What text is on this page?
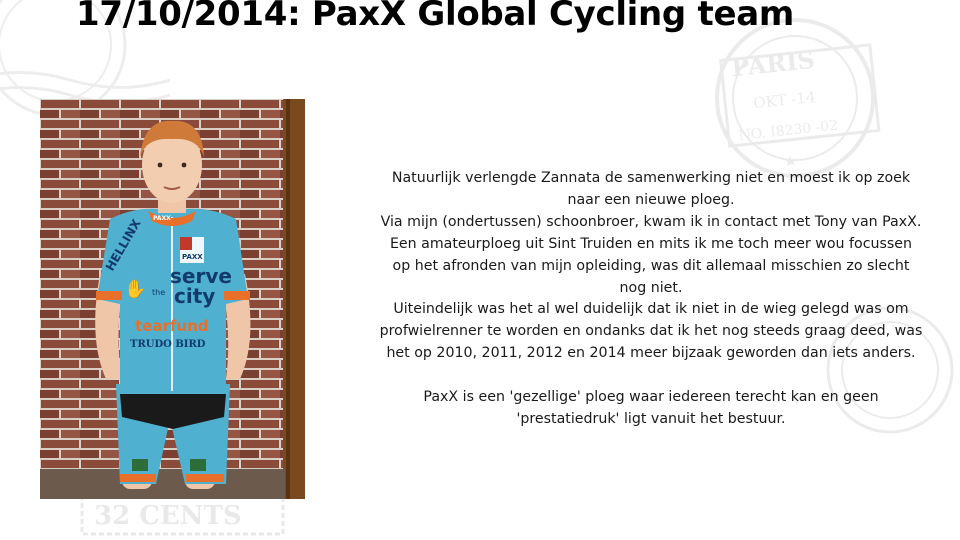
PARIS
OKT -14
NO. I8230 -02
32 CENTS
17/10/2014: PaxX Global Cycling team
PAXX
HELLINX	PAXX
✋
serve
the city
tearfund
TRUDO BIRD

Natuurlijk verlengde Zannata de samenwerking niet en moest ik op zoek

naar een nieuwe ploeg.

Via mijn (ondertussen) schoonbroer, kwam ik in contact met Tony van PaxX.

Een amateurploeg uit Sint Truiden en mits ik me toch meer wou focussen

op het afronden van mijn opleiding, was dit allemaal misschien zo slecht

nog niet.

Uiteindelijk was het al wel duidelijk dat ik niet in de wieg gelegd was om

profwielrenner te worden en ondanks dat ik het nog steeds graag deed, was

het op 2010, 2011, 2012 en 2014 meer bijzaak geworden dan iets anders.

PaxX is een 'gezellige' ploeg waar iedereen terecht kan en geen

'prestatiedruk' ligt vanuit het bestuur.
